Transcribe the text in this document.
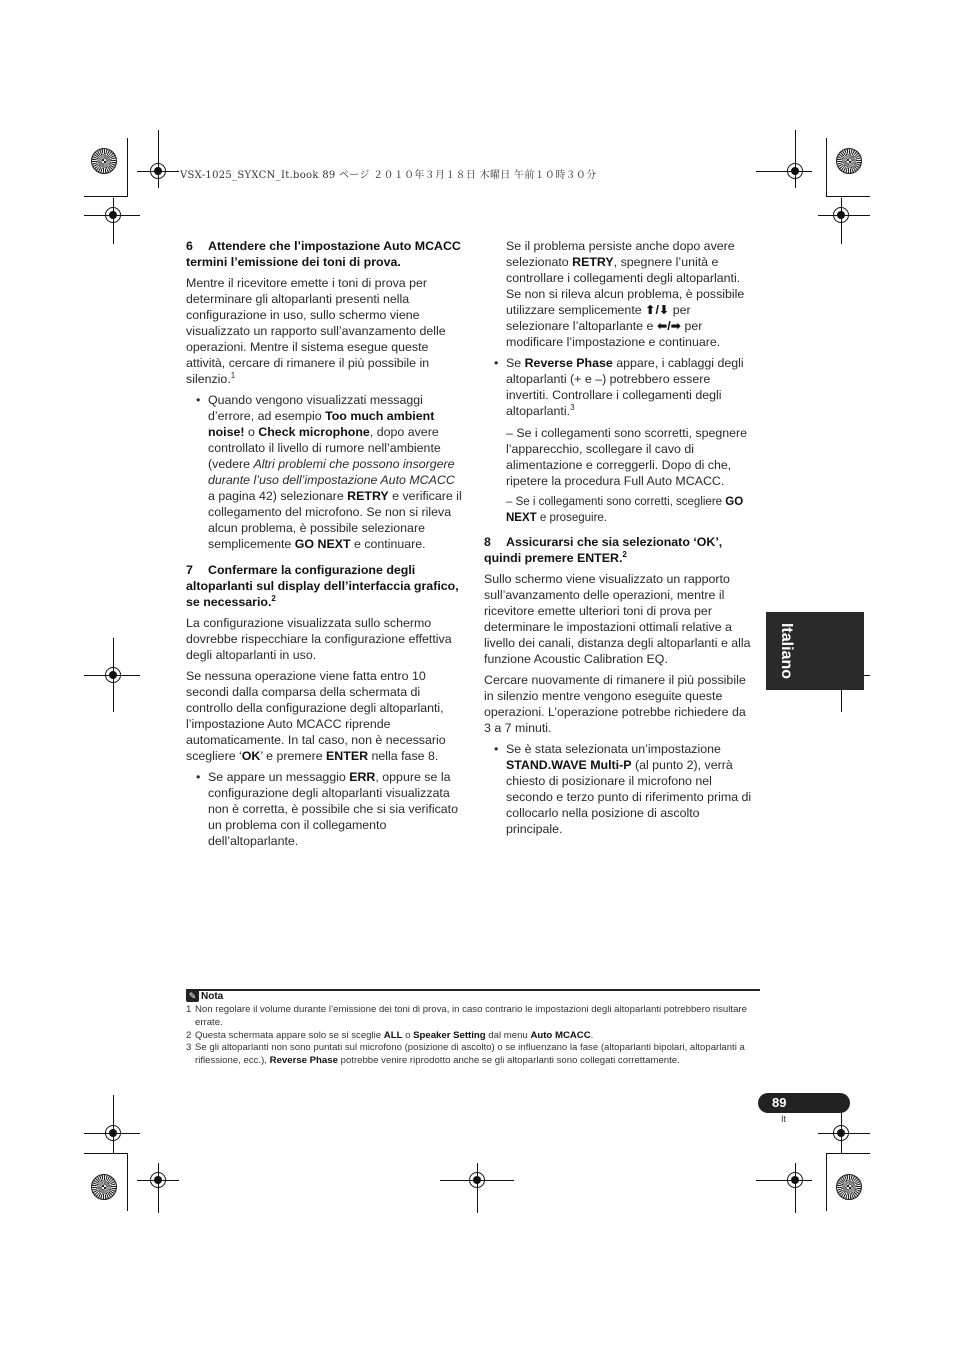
VSX-1025_SYXCN_It.book 89 ページ ２０１０年３月１８日 木曜日 午前１０時３０分

6 Attendere che l’impostazione Auto MCACC termini l’emissione dei toni di prova.

Mentre il ricevitore emette i toni di prova per determinare gli altoparlanti presenti nella configurazione in uso, sullo schermo viene visualizzato un rapporto sull’avanzamento delle operazioni. Mentre il sistema esegue queste attività, cercare di rimanere il più possibile in silenzio.$^1$

• Quando vengono visualizzati messaggi d’errore, ad esempio Too much ambient noise! o Check microphone, dopo avere controllato il livello di rumore nell’ambiente (vedere Altri problemi che possono insorgere durante l’uso dell’impostazione Auto MCACC a pagina 42) selezionare RETRY e verificare il collegamento del microfono. Se non si rileva alcun problema, è possibile selezionare semplicemente GO NEXT e continuare.

7 Confermare la configurazione degli altoparlanti sul display dell’interfaccia grafico, se necessario.$^2$

La configurazione visualizzata sullo schermo dovrebbe rispecchiare la configurazione effettiva degli altoparlanti in uso.

Se nessuna operazione viene fatta entro 10 secondi dalla comparsa della schermata di controllo della configurazione degli altoparlanti, l’impostazione Auto MCACC riprende automaticamente. In tal caso, non è necessario scegliere ‘OK’ e premere ENTER nella fase 8.

• Se appare un messaggio ERR, oppure se la configurazione degli altoparlanti visualizzata non è corretta, è possibile che si sia verificato un problema con il collegamento dell’altoparlante.

Se il problema persiste anche dopo avere selezionato RETRY, spegnere l’unità e controllare i collegamenti degli altoparlanti. Se non si rileva alcun problema, è possibile utilizzare semplicemente ⬆/⬇ per selezionare l’altoparlante e ⬅/➡ per modificare l’impostazione e continuare.

• Se Reverse Phase appare, i cablaggi degli altoparlanti (+ e –) potrebbero essere invertiti. Controllare i collegamenti degli altoparlanti.$^3$

– Se i collegamenti sono scorretti, spegnere l’apparecchio, scollegare il cavo di alimentazione e correggerli. Dopo di che, ripetere la procedura Full Auto MCACC.

– Se i collegamenti sono corretti, scegliere GO NEXT e proseguire.

8 Assicurarsi che sia selezionato ‘OK’, quindi premere ENTER.$^2$

Sullo schermo viene visualizzato un rapporto sull’avanzamento delle operazioni, mentre il ricevitore emette ulteriori toni di prova per determinare le impostazioni ottimali relative a livello dei canali, distanza degli altoparlanti e alla funzione Acoustic Calibration EQ.

Cercare nuovamente di rimanere il più possibile in silenzio mentre vengono eseguite queste operazioni. L’operazione potrebbe richiedere da 3 a 7 minuti.

• Se è stata selezionata un’impostazione STAND.WAVE Multi-P (al punto 2), verrà chiesto di posizionare il microfono nel secondo e terzo punto di riferimento prima di collocarlo nella posizione di ascolto principale.

Italiano
✎ Nota

1 Non regolare il volume durante l’emissione dei toni di prova, in caso contrario le impostazioni degli altoparlanti potrebbero risultare errate.

2 Questa schermata appare solo se si sceglie ALL o Speaker Setting dal menu Auto MCACC.

3 Se gli altoparlanti non sono puntati sul microfono (posizione di ascolto) o se influenzano la fase (altoparlanti bipolari, altoparlanti a riflessione, ecc.), Reverse Phase potrebbe venire riprodotto anche se gli altoparlanti sono collegati correttamente.

89
It
